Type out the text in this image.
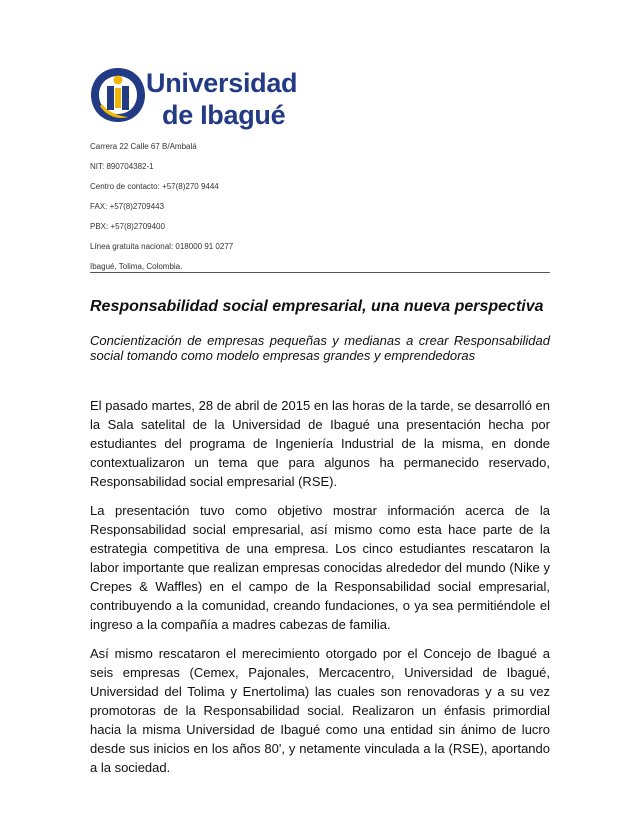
Universidad
de Ibagué
Carrera 22 Calle 67 B/Ambalá
NIT: 890704382-1
Centro de contacto: +57(8)270 9444
FAX: +57(8)2709443
PBX: +57(8)2709400
Línea gratuita nacional: 018000 91 0277
Ibagué, Tolima, Colombia.
Responsabilidad social empresarial, una nueva perspectiva
Concientización de empresas pequeñas y medianas a crear Responsabilidad social tomando como modelo empresas grandes y emprendedoras

El pasado martes, 28 de abril de 2015 en las horas de la tarde, se desarrolló en la Sala satelital de la Universidad de Ibagué una presentación hecha por estudiantes del programa de Ingeniería Industrial de la misma, en donde contextualizaron un tema que para algunos ha permanecido reservado, Responsabilidad social empresarial (RSE).

La presentación tuvo como objetivo mostrar información acerca de la Responsabilidad social empresarial, así mismo como esta hace parte de la estrategia competitiva de una empresa. Los cinco estudiantes rescataron la labor importante que realizan empresas conocidas alrededor del mundo (Nike y Crepes & Waffles) en el campo de la Responsabilidad social empresarial, contribuyendo a la comunidad, creando fundaciones, o ya sea permitiéndole el ingreso a la compañía a madres cabezas de familia.

Así mismo rescataron el merecimiento otorgado por el Concejo de Ibagué a seis empresas (Cemex, Pajonales, Mercacentro, Universidad de Ibagué, Universidad del Tolima y Enertolima) las cuales son renovadoras y a su vez promotoras de la Responsabilidad social. Realizaron un énfasis primordial hacia la misma Universidad de Ibagué como una entidad sin ánimo de lucro desde sus inicios en los años 80', y netamente vinculada a la (RSE), aportando a la sociedad.
